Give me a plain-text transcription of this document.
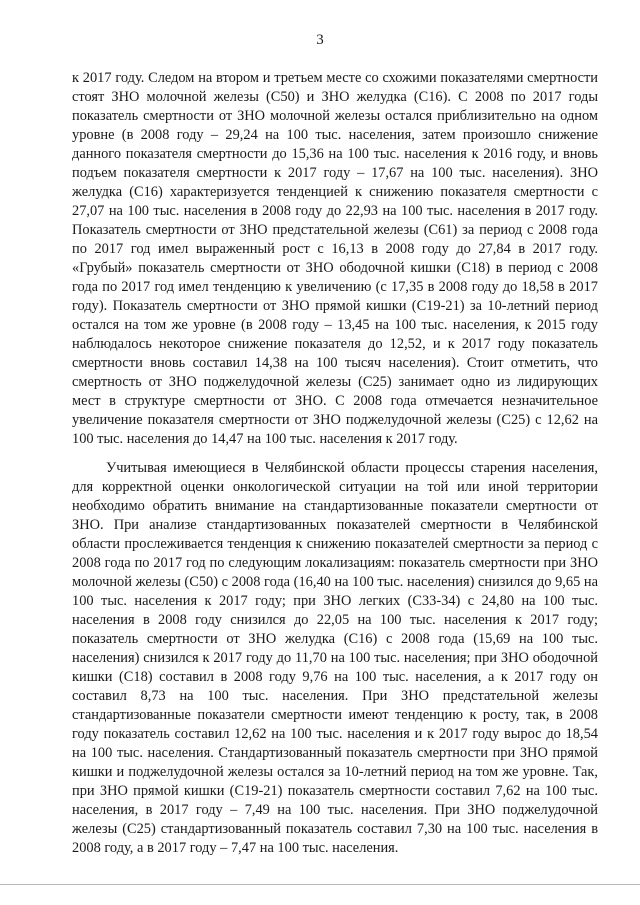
3

к 2017 году. Следом на втором и третьем месте со схожими показателями смертности стоят ЗНО молочной железы (С50) и ЗНО желудка (С16). С 2008 по 2017 годы показатель смертности от ЗНО молочной железы остался приблизительно на одном уровне (в 2008 году – 29,24 на 100 тыс. населения, затем произошло снижение данного показателя смертности до 15,36 на 100 тыс. населения к 2016 году, и вновь подъем показателя смертности к 2017 году – 17,67 на 100 тыс. населения). ЗНО желудка (С16) характеризуется тенденцией к снижению показателя смертности с 27,07 на 100 тыс. населения в 2008 году до 22,93 на 100 тыс. населения в 2017 году. Показатель смертности от ЗНО предстательной железы (С61) за период с 2008 года по 2017 год имел выраженный рост с 16,13 в 2008 году до 27,84 в 2017 году. «Грубый» показатель смертности от ЗНО ободочной кишки (С18) в период с 2008 года по 2017 год имел тенденцию к увеличению (с 17,35 в 2008 году до 18,58 в 2017 году). Показатель смертности от ЗНО прямой кишки (С19-21) за 10-летний период остался на том же уровне (в 2008 году – 13,45 на 100 тыс. населения, к 2015 году наблюдалось некоторое снижение показателя до 12,52, и к 2017 году показатель смертности вновь составил 14,38 на 100 тысяч населения). Стоит отметить, что смертность от ЗНО поджелудочной железы (С25) занимает одно из лидирующих мест в структуре смертности от ЗНО. С 2008 года отмечается незначительное увеличение показателя смертности от ЗНО поджелудочной железы (С25) с 12,62 на 100 тыс. населения до 14,47 на 100 тыс. населения к 2017 году.

Учитывая имеющиеся в Челябинской области процессы старения населения, для корректной оценки онкологической ситуации на той или иной территории необходимо обратить внимание на стандартизованные показатели смертности от ЗНО. При анализе стандартизованных показателей смертности в Челябинской области прослеживается тенденция к снижению показателей смертности за период с 2008 года по 2017 год по следующим локализациям: показатель смертности при ЗНО молочной железы (С50) с 2008 года (16,40 на 100 тыс. населения) снизился до 9,65 на 100 тыс. населения к 2017 году; при ЗНО легких (С33-34) с 24,80 на 100 тыс. населения в 2008 году снизился до 22,05 на 100 тыс. населения к 2017 году; показатель смертности от ЗНО желудка (С16) с 2008 года (15,69 на 100 тыс. населения) снизился к 2017 году до 11,70 на 100 тыс. населения; при ЗНО ободочной кишки (С18) составил в 2008 году 9,76 на 100 тыс. населения, а к 2017 году он составил 8,73 на 100 тыс. населения. При ЗНО предстательной железы стандартизованные показатели смертности имеют тенденцию к росту, так, в 2008 году показатель составил 12,62 на 100 тыс. населения и к 2017 году вырос до 18,54 на 100 тыс. населения. Стандартизованный показатель смертности при ЗНО прямой кишки и поджелудочной железы остался за 10-летний период на том же уровне. Так, при ЗНО прямой кишки (С19-21) показатель смертности составил 7,62 на 100 тыс. населения, в 2017 году – 7,49 на 100 тыс. населения. При ЗНО поджелудочной железы (С25) стандартизованный показатель составил 7,30 на 100 тыс. населения в 2008 году, а в 2017 году – 7,47 на 100 тыс. населения.
